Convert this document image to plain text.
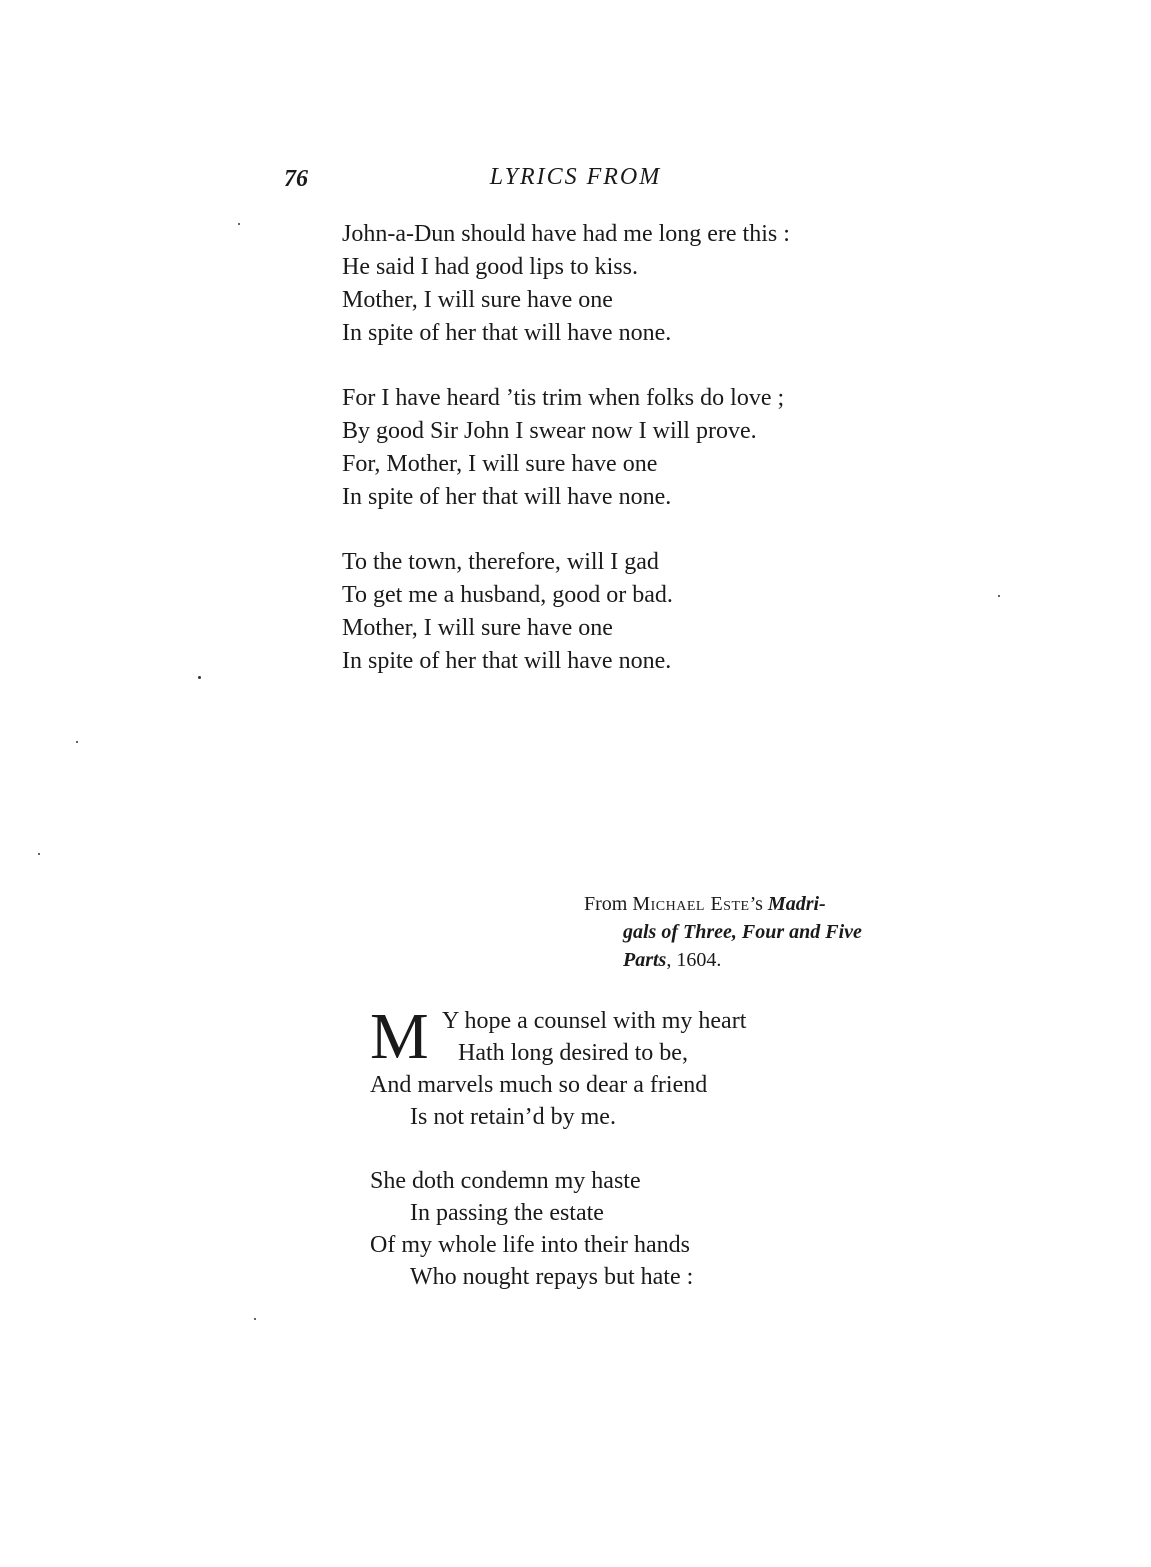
76	LYRICS FROM
John-a-Dun should have had me long ere this :
He said I had good lips to kiss.
Mother, I will sure have one
In spite of her that will have none.
For I have heard ’tis trim when folks do love ;
By good Sir John I swear now I will prove.
For, Mother, I will sure have one
In spite of her that will have none.
To the town, therefore, will I gad
To get me a husband, good or bad.
Mother, I will sure have one
In spite of her that will have none.
From Michael Este’s Madri-
gals of Three, Four and Five
Parts, 1604.
M Y hope a counsel with my heart
Hath long desired to be,
And marvels much so dear a friend
Is not retain’d by me.
She doth condemn my haste
In passing the estate
Of my whole life into their hands
Who nought repays but hate :
